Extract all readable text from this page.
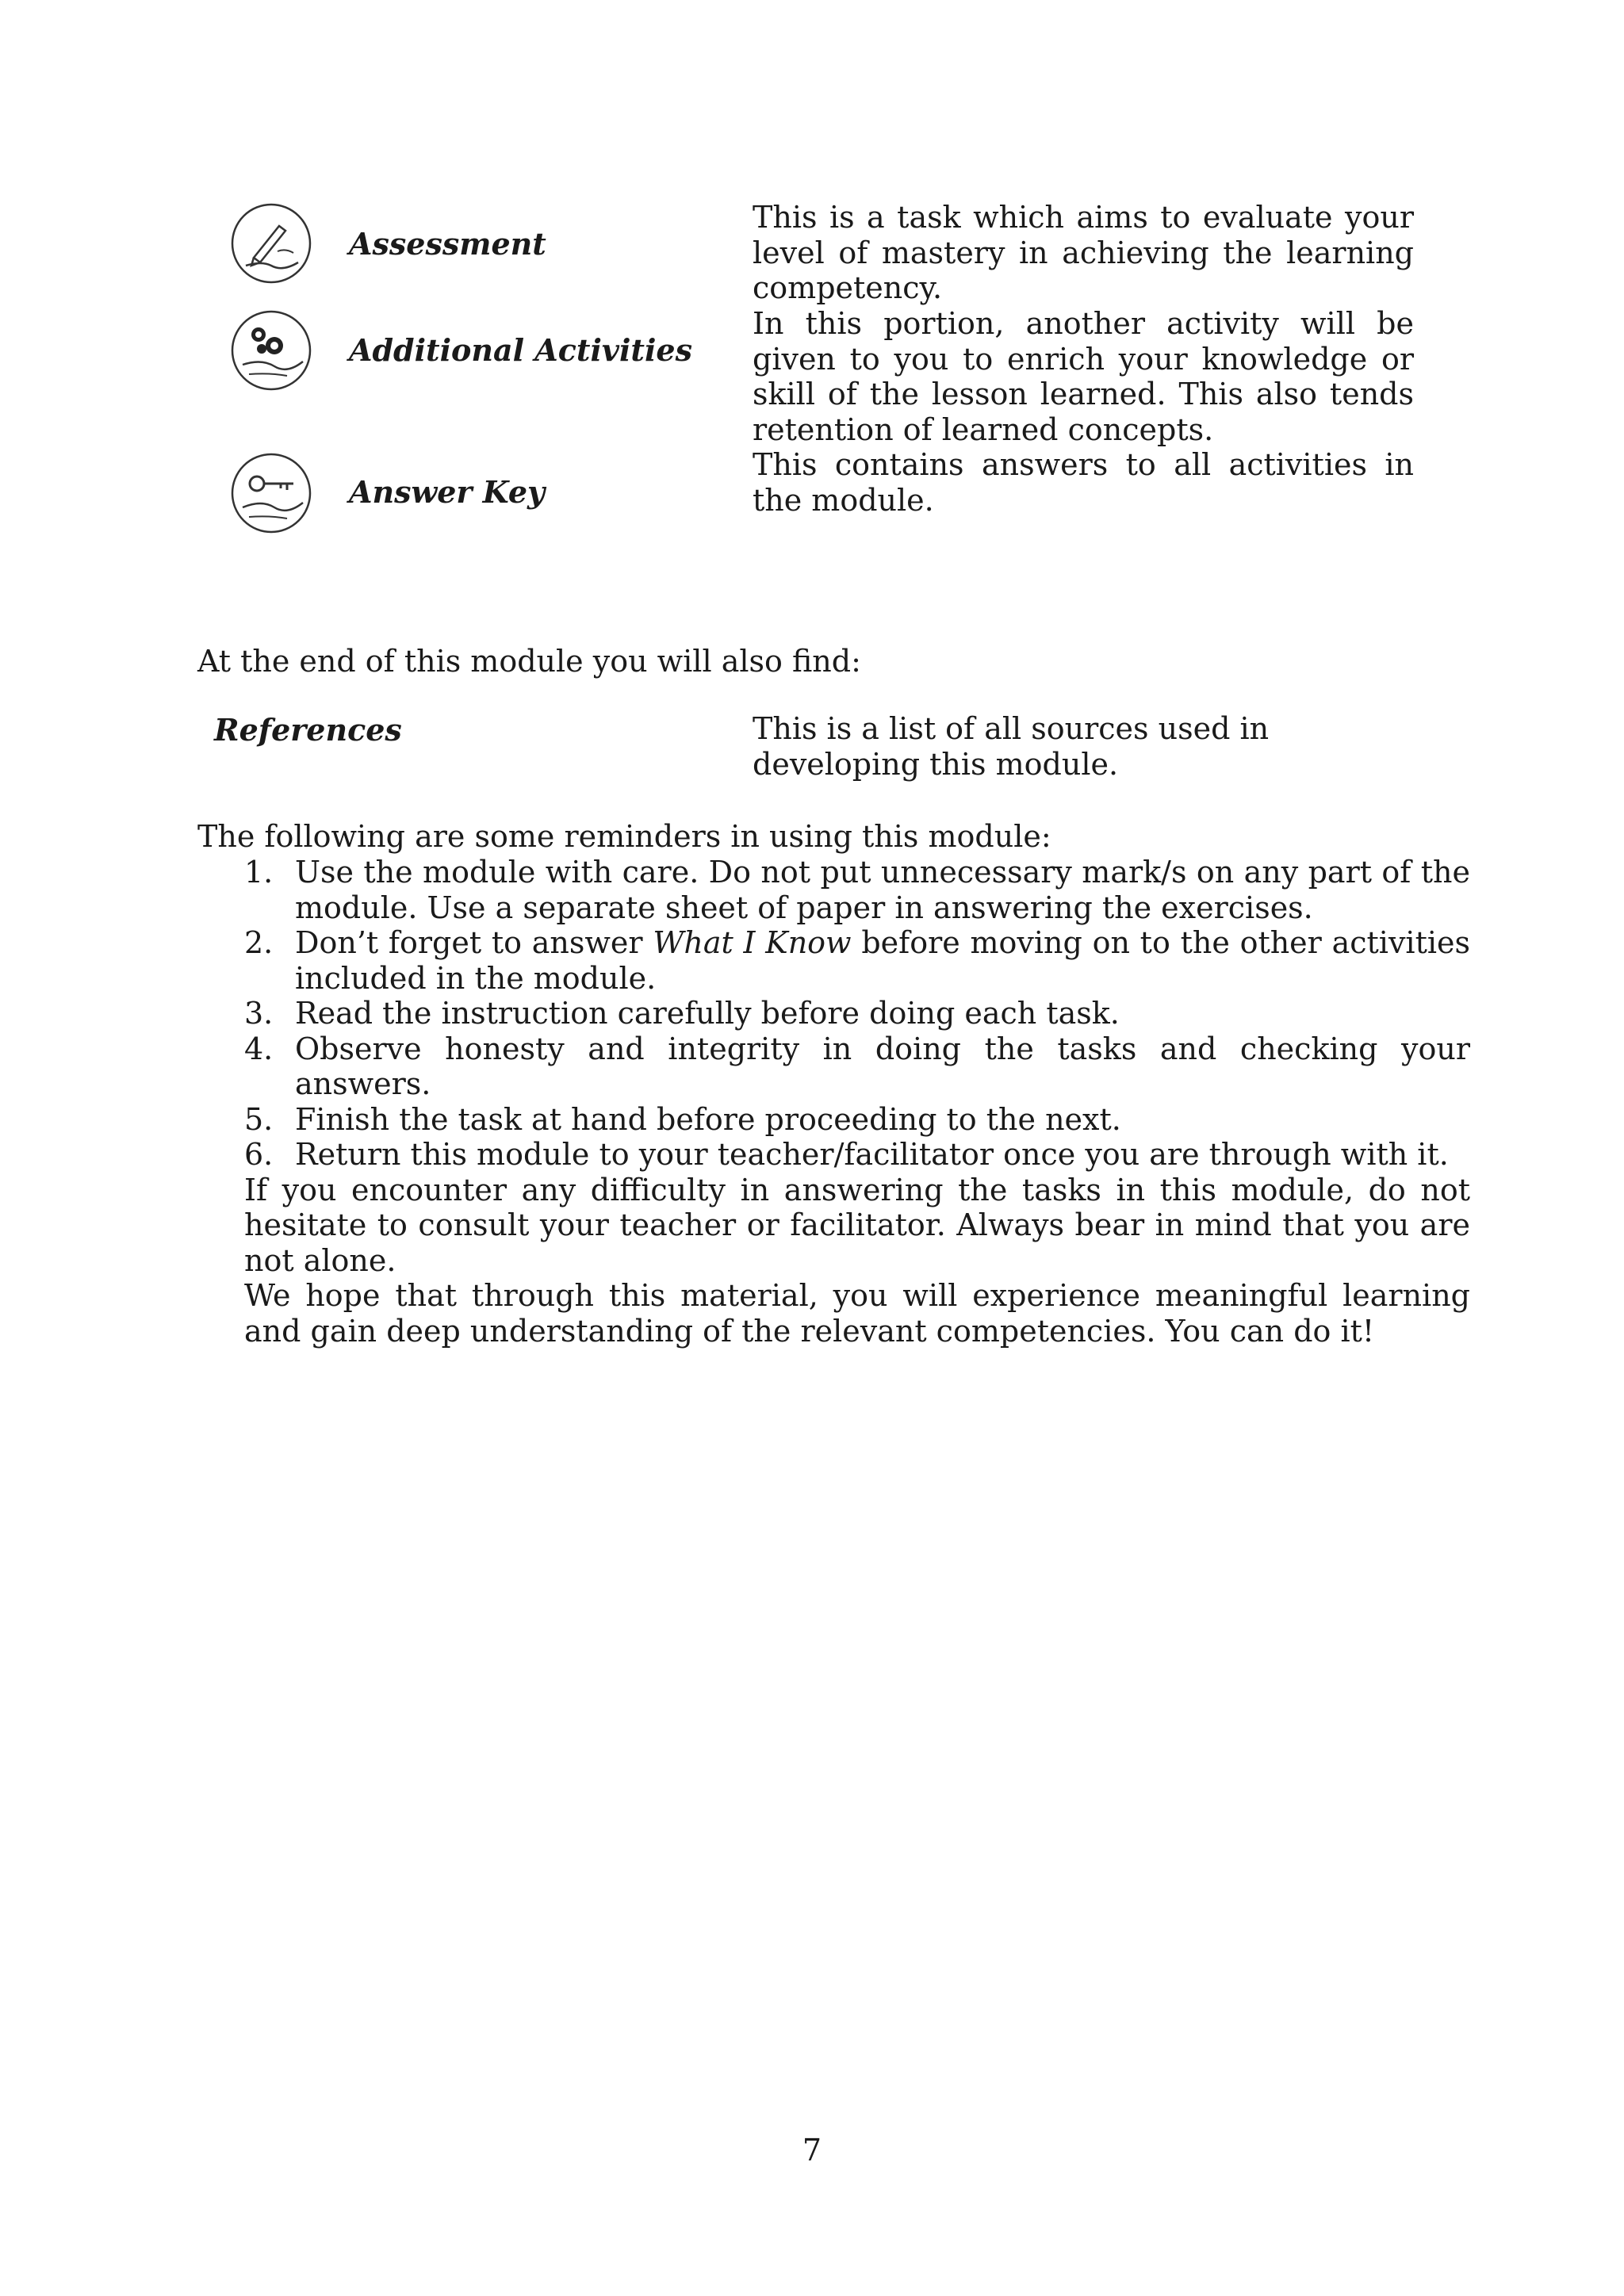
Assessment
This is a task which aims to evaluate your level of mastery in achieving the learning competency.
Additional Activities
In this portion, another activity will be given to you to enrich your knowledge or skill of the lesson learned. This also tends retention of learned concepts.
Answer Key
This contains answers to all activities in the module.
At the end of this module you will also find:
References	This is a list of all sources used in developing this module.
The following are some reminders in using this module:
1. Use the module with care. Do not put unnecessary mark/s on any part of the module. Use a separate sheet of paper in answering the exercises.
2. Don’t forget to answer What I Know before moving on to the other activities included in the module.
3. Read the instruction carefully before doing each task.
4. Observe honesty and integrity in doing the tasks and checking your answers.
5. Finish the task at hand before proceeding to the next.
6. Return this module to your teacher/facilitator once you are through with it.

If you encounter any difficulty in answering the tasks in this module, do not hesitate to consult your teacher or facilitator. Always bear in mind that you are not alone.

We hope that through this material, you will experience meaningful learning and gain deep understanding of the relevant competencies. You can do it!

7
